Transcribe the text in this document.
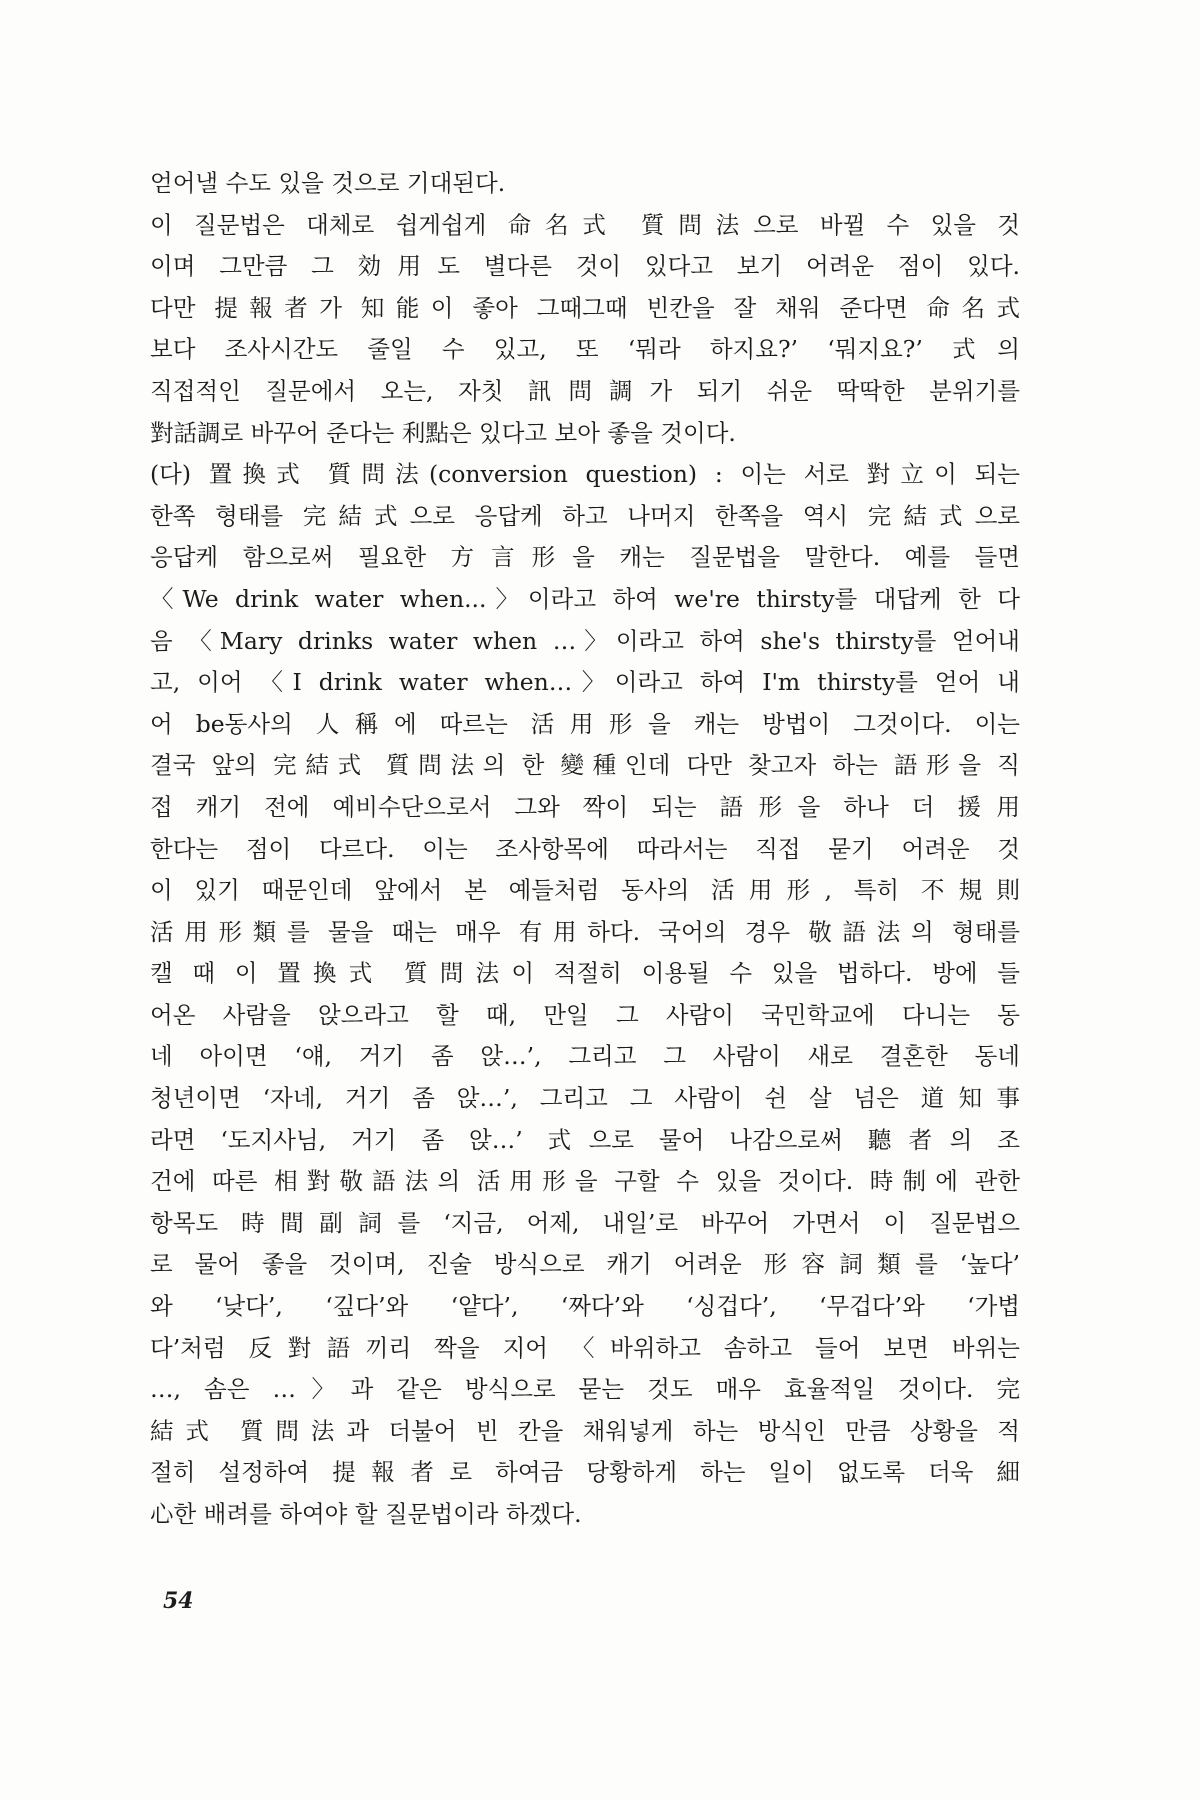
얻어낼 수도 있을 것으로 기대된다.
이 질문법은 대체로 쉽게쉽게 命名式 質問法으로 바뀔 수 있을 것
이며 그만큼 그 効用도 별다른 것이 있다고 보기 어려운 점이 있다.
다만 提報者가 知能이 좋아 그때그때 빈칸을 잘 채워 준다면 命名式
보다 조사시간도 줄일 수 있고, 또 ‘뭐라 하지요?’ ‘뭐지요?’ 式의
직접적인 질문에서 오는, 자칫 訊問調가 되기 쉬운 딱딱한 분위기를
對話調로 바꾸어 준다는 利點은 있다고 보아 좋을 것이다.
(다) 置換式 質問法(conversion question) : 이는 서로 對立이 되는
한쪽 형태를 完結式으로 응답케 하고 나머지 한쪽을 역시 完結式으로
응답케 함으로써 필요한 方言形을 캐는 질문법을 말한다. 예를 들면
〈We drink water when...〉이라고 하여 we're thirsty를 대답케 한 다
음 〈Mary drinks water when …〉이라고 하여 she's thirsty를 얻어내
고, 이어 〈I drink water when…〉이라고 하여 I'm thirsty를 얻어 내
어 be동사의 人稱에 따르는 活用形을 캐는 방법이 그것이다. 이는
결국 앞의 完結式 質問法의 한 變種인데 다만 찾고자 하는 語形을 직
접 캐기 전에 예비수단으로서 그와 짝이 되는 語形을 하나 더 援用
한다는 점이 다르다. 이는 조사항목에 따라서는 직접 묻기 어려운 것
이 있기 때문인데 앞에서 본 예들처럼 동사의 活用形, 특히 不規則
活用形類를 물을 때는 매우 有用하다. 국어의 경우 敬語法의 형태를
캘 때 이 置換式 質問法이 적절히 이용될 수 있을 법하다. 방에 들
어온 사람을 앉으라고 할 때, 만일 그 사람이 국민학교에 다니는 동
네 아이면 ‘얘, 거기 좀 앉…’, 그리고 그 사람이 새로 결혼한 동네
청년이면 ‘자네, 거기 좀 앉…’, 그리고 그 사람이 쉰 살 넘은 道知事
라면 ‘도지사님, 거기 좀 앉…’ 式으로 물어 나감으로써 聽者의 조
건에 따른 相對敬語法의 活用形을 구할 수 있을 것이다. 時制에 관한
항목도 時間副詞를 ‘지금, 어제, 내일’로 바꾸어 가면서 이 질문법으
로 물어 좋을 것이며, 진술 방식으로 캐기 어려운 形容詞類를 ‘높다’
와 ‘낮다’, ‘깊다’와 ‘얕다’, ‘짜다’와 ‘싱겁다’, ‘무겁다’와 ‘가볍
다’처럼 反對語끼리 짝을 지어 〈바위하고 솜하고 들어 보면 바위는
…, 솜은 …〉과 같은 방식으로 묻는 것도 매우 효율적일 것이다. 完
結式 質問法과 더불어 빈 칸을 채워넣게 하는 방식인 만큼 상황을 적
절히 설정하여 提報者로 하여금 당황하게 하는 일이 없도록 더욱 細
心한 배려를 하여야 할 질문법이라 하겠다.
54
